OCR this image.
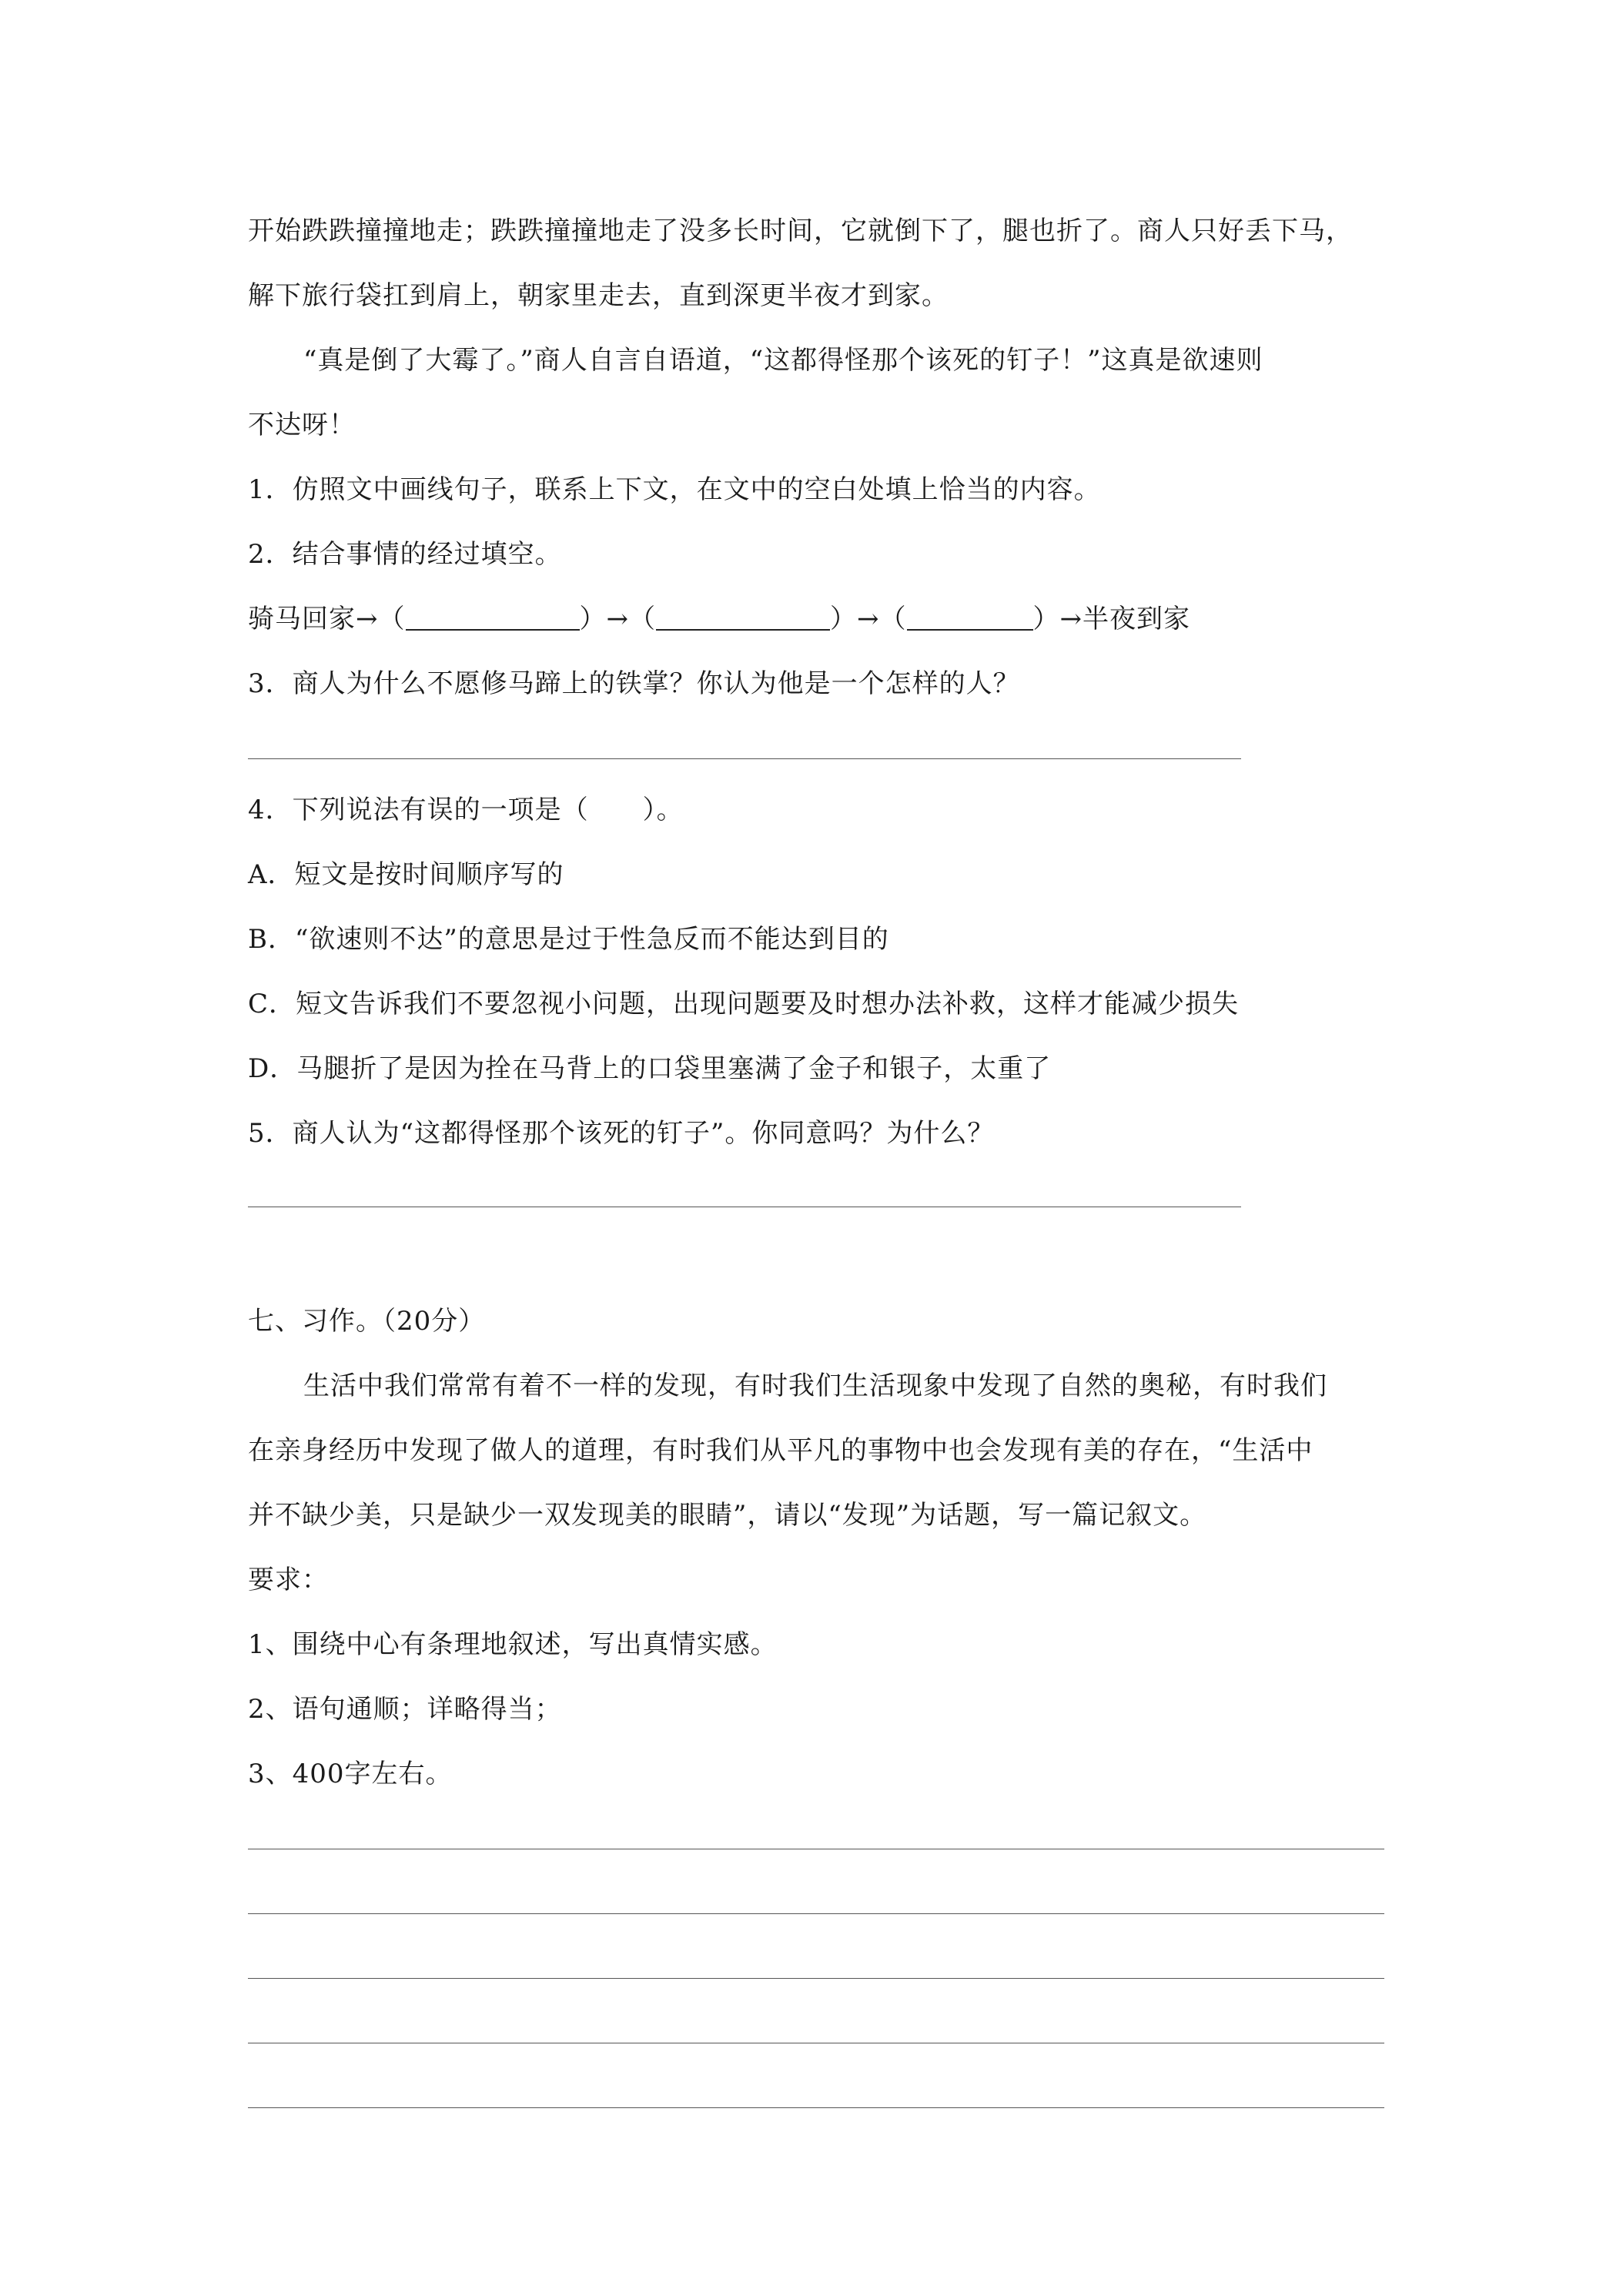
开始跌跌撞撞地走；跌跌撞撞地走了没多长时间，它就倒下了，腿也折了。商人只好丢下马，
解下旅行袋扛到肩上，朝家里走去，直到深更半夜才到家。
“真是倒了大霉了。”商人自言自语道，“这都得怪那个该死的钉子！”这真是欲速则
不达呀！
1．仿照文中画线句子，联系上下文，在文中的空白处填上恰当的内容。
2．结合事情的经过填空。
骑马回家→（	）→（	）→（	）→半夜到家
3．商人为什么不愿修马蹄上的铁掌？你认为他是一个怎样的人？
4．下列说法有误的一项是（　　）。
A．短文是按时间顺序写的
B．“欲速则不达”的意思是过于性急反而不能达到目的
C．短文告诉我们不要忽视小问题，出现问题要及时想办法补救，这样才能减少损失
D．马腿折了是因为拴在马背上的口袋里塞满了金子和银子，太重了
5．商人认为“这都得怪那个该死的钉子”。你同意吗？为什么？
七、习作。（20分）
生活中我们常常有着不一样的发现，有时我们生活现象中发现了自然的奥秘，有时我们
在亲身经历中发现了做人的道理，有时我们从平凡的事物中也会发现有美的存在，“生活中
并不缺少美，只是缺少一双发现美的眼睛”，请以“发现”为话题，写一篇记叙文。
要求：
1、围绕中心有条理地叙述，写出真情实感。
2、语句通顺；详略得当；
3、400字左右。
